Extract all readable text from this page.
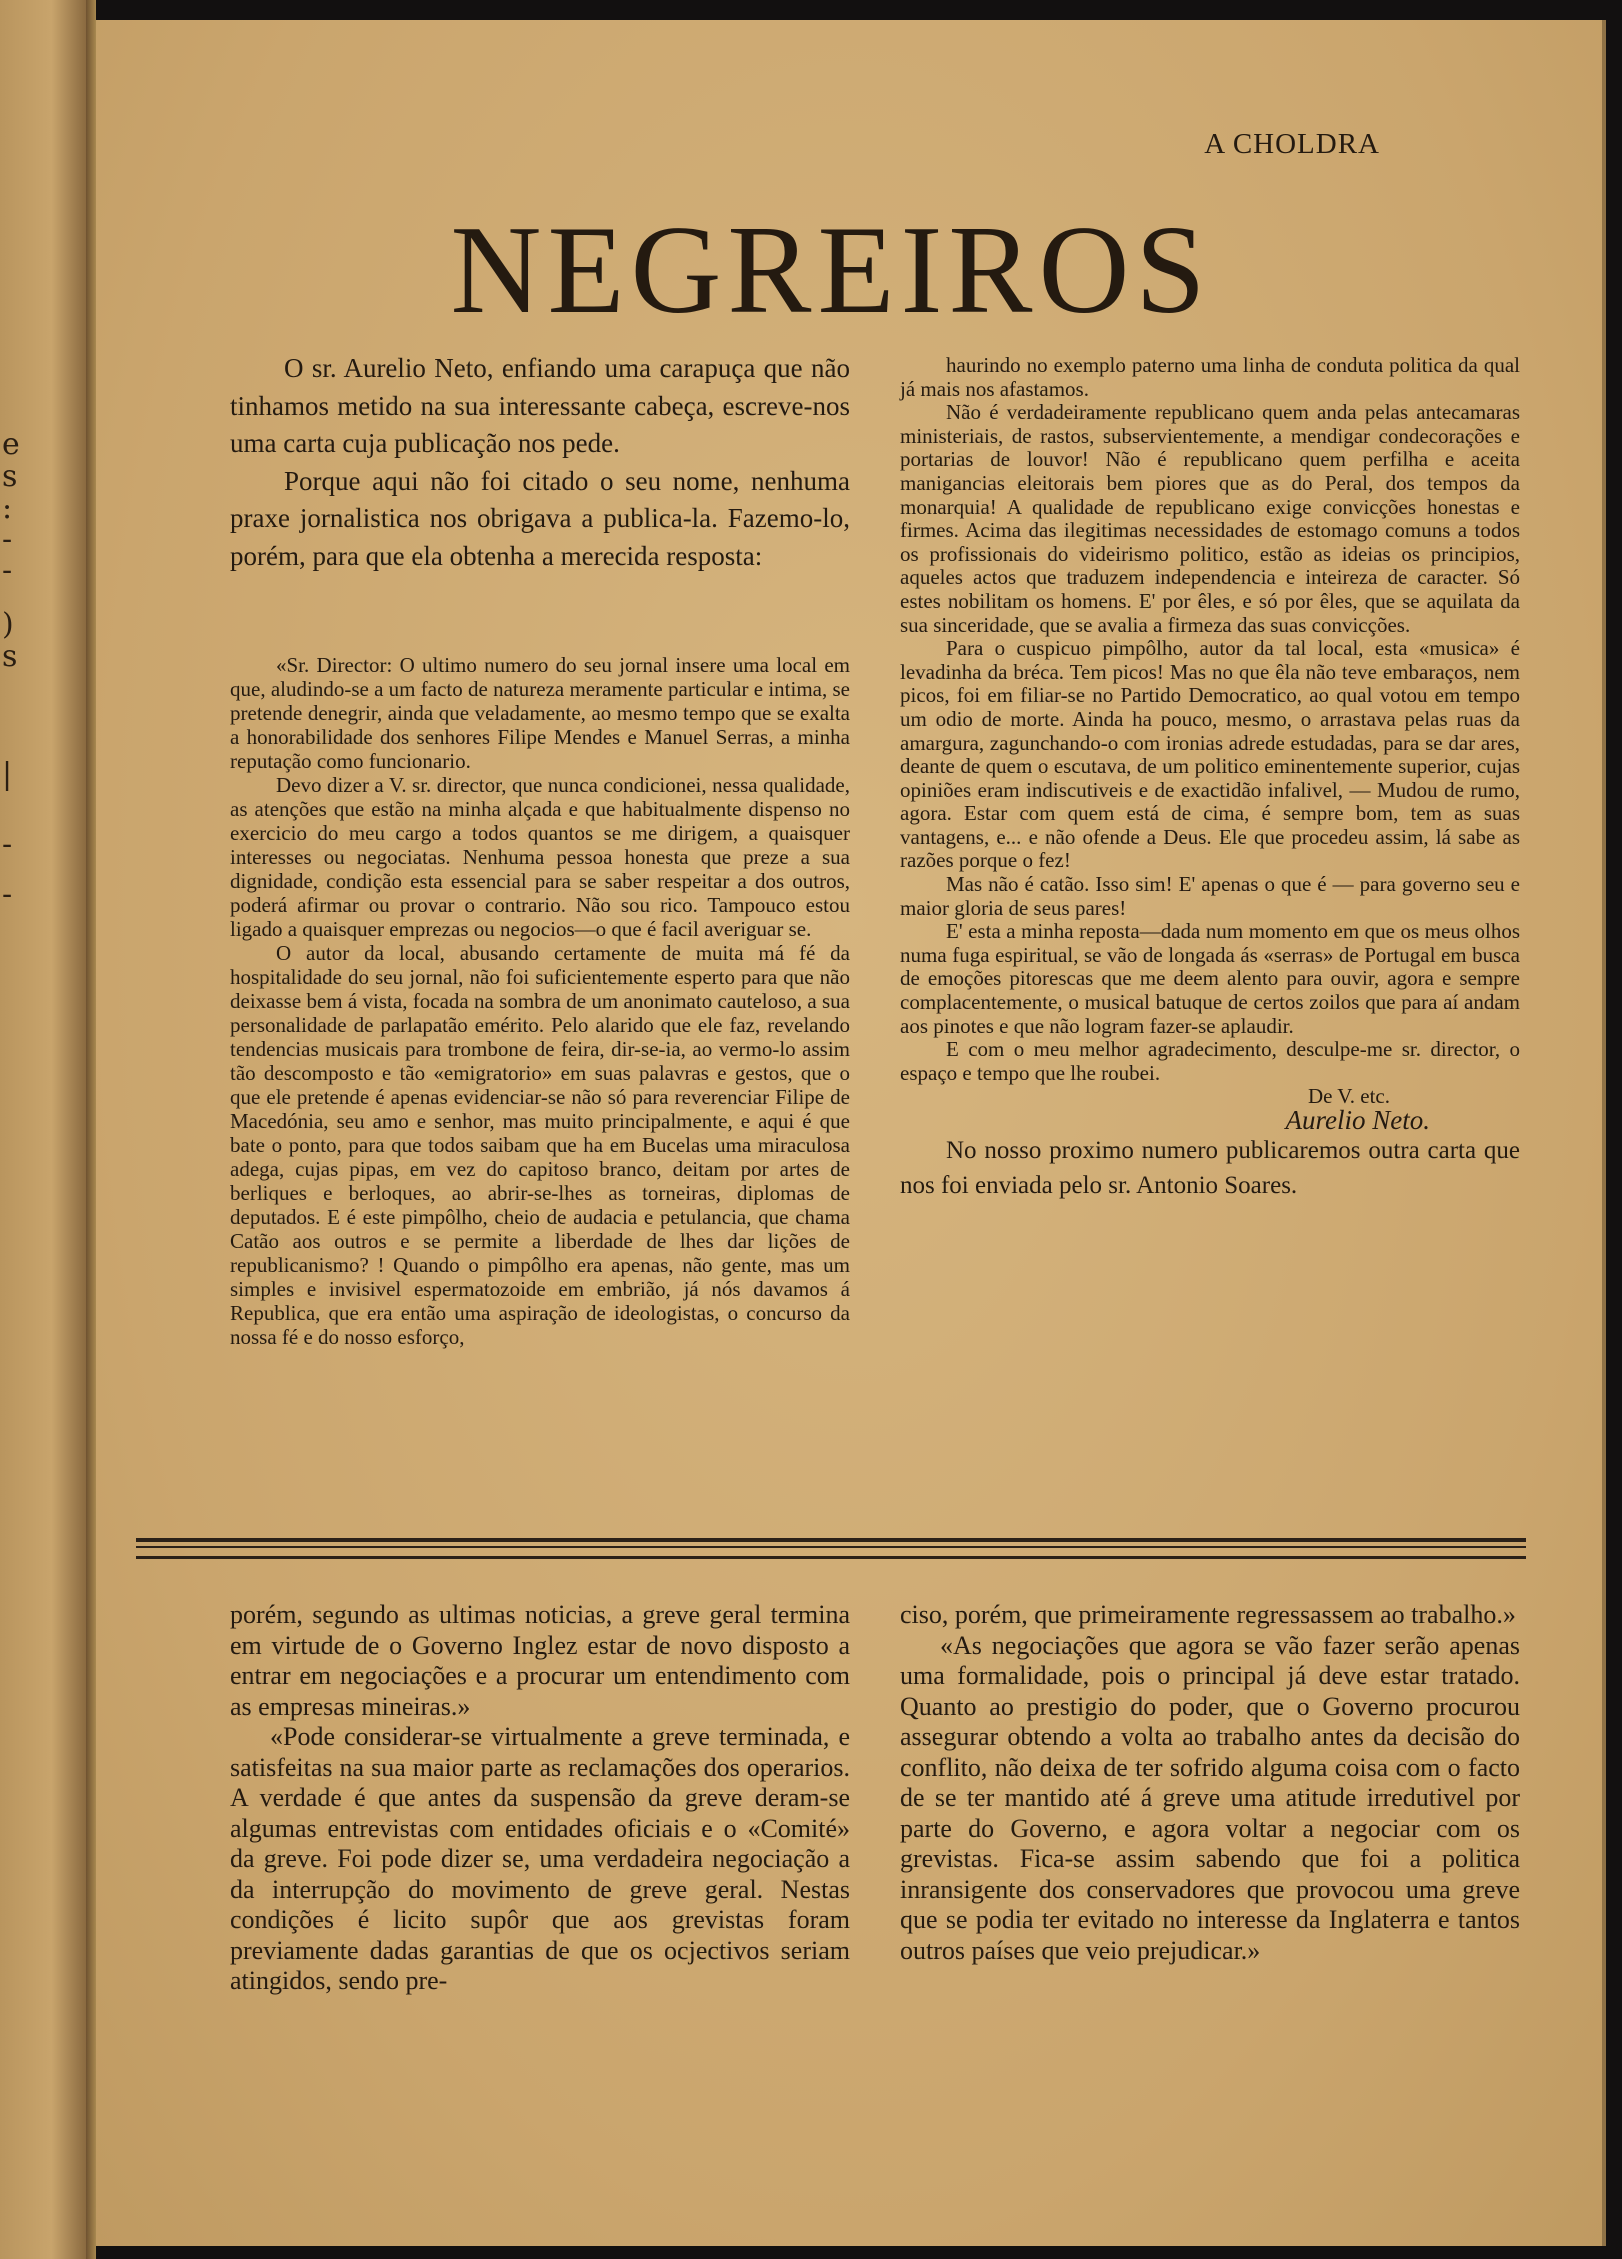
e
s
:
-
-
)
s
|
-
-
A CHOLDRA
NEGREIROS

O sr. Aurelio Neto, enfiando uma carapuça que não tinhamos metido na sua interessante cabeça, escreve-nos uma carta cuja publicação nos pede.

Porque aqui não foi citado o seu nome, nenhuma praxe jornalistica nos obrigava a publica-la. Fazemo-lo, porém, para que ela obtenha a merecida resposta:

«Sr. Director: O ultimo numero do seu jornal insere uma local em que, aludindo-se a um facto de natureza meramente particular e intima, se pretende denegrir, ainda que veladamente, ao mesmo tempo que se exalta a honorabilidade dos senhores Filipe Mendes e Manuel Serras, a minha reputação como funcionario.

Devo dizer a V. sr. director, que nunca condicionei, nessa qualidade, as atenções que estão na minha alçada e que habitualmente dispenso no exercicio do meu cargo a todos quantos se me dirigem, a quaisquer interesses ou negociatas. Nenhuma pessoa honesta que preze a sua dignidade, condição esta essencial para se saber respeitar a dos outros, poderá afirmar ou provar o contrario. Não sou rico. Tampouco estou ligado a quaisquer emprezas ou negocios—o que é facil averiguar se.

O autor da local, abusando certamente de muita má fé da hospitalidade do seu jornal, não foi suficientemente esperto para que não deixasse bem á vista, focada na sombra de um anonimato cauteloso, a sua personalidade de parlapatão emérito. Pelo alarido que ele faz, revelando tendencias musicais para trombone de feira, dir-se-ia, ao vermo-lo assim tão descomposto e tão «emigratorio» em suas palavras e gestos, que o que ele pretende é apenas evidenciar-se não só para reverenciar Filipe de Macedónia, seu amo e senhor, mas muito principalmente, e aqui é que bate o ponto, para que todos saibam que ha em Bucelas uma miraculosa adega, cujas pipas, em vez do capitoso branco, deitam por artes de berliques e berloques, ao abrir-se-lhes as torneiras, diplomas de deputados. E é este pimpôlho, cheio de audacia e petulancia, que chama Catão aos outros e se permite a liberdade de lhes dar lições de republicanismo? ! Quando o pimpôlho era apenas, não gente, mas um simples e invisivel espermatozoide em embrião, já nós davamos á Republica, que era então uma aspiração de ideologistas, o concurso da nossa fé e do nosso esforço,

haurindo no exemplo paterno uma linha de conduta politica da qual já mais nos afastamos.

Não é verdadeiramente republicano quem anda pelas antecamaras ministeriais, de rastos, subservientemente, a mendigar condecorações e portarias de louvor! Não é republicano quem perfilha e aceita manigancias eleitorais bem piores que as do Peral, dos tempos da monarquia! A qualidade de republicano exige convicções honestas e firmes. Acima das ilegitimas necessidades de estomago comuns a todos os profissionais do videirismo politico, estão as ideias os principios, aqueles actos que traduzem independencia e inteireza de caracter. Só estes nobilitam os homens. E' por êles, e só por êles, que se aquilata da sua sinceridade, que se avalia a firmeza das suas convicções.

Para o cuspicuo pimpôlho, autor da tal local, esta «musica» é levadinha da bréca. Tem picos! Mas no que êla não teve embaraços, nem picos, foi em filiar-se no Partido Democratico, ao qual votou em tempo um odio de morte. Ainda ha pouco, mesmo, o arrastava pelas ruas da amargura, zagunchando-o com ironias adrede estudadas, para se dar ares, deante de quem o escutava, de um politico eminentemente superior, cujas opiniões eram indiscutiveis e de exactidão infalivel, — Mudou de rumo, agora. Estar com quem está de cima, é sempre bom, tem as suas vantagens, e... e não ofende a Deus. Ele que procedeu assim, lá sabe as razões porque o fez!

Mas não é catão. Isso sim! E' apenas o que é — para governo seu e maior gloria de seus pares!

E' esta a minha reposta—dada num momento em que os meus olhos numa fuga espiritual, se vão de longada ás «serras» de Portugal em busca de emoções pitorescas que me deem alento para ouvir, agora e sempre complacentemente, o musical batuque de certos zoilos que para aí andam aos pinotes e que não logram fazer-se aplaudir.

E com o meu melhor agradecimento, desculpe-me sr. director, o espaço e tempo que lhe roubei.

De V. etc.

Aurelio Neto.

No nosso proximo numero publicaremos outra carta que nos foi enviada pelo sr. Antonio Soares.

porém, segundo as ultimas noticias, a greve geral termina em virtude de o Governo Inglez estar de novo disposto a entrar em negociações e a procurar um entendimento com as empresas mineiras.»

«Pode considerar-se virtualmente a greve terminada, e satisfeitas na sua maior parte as reclamações dos operarios. A verdade é que antes da suspensão da greve deram-se algumas entrevistas com entidades oficiais e o «Comité» da greve. Foi pode dizer se, uma verdadeira negociação a da interrupção do movimento de greve geral. Nestas condições é licito supôr que aos grevistas foram previamente dadas garantias de que os ocjectivos seriam atingidos, sendo pre-

ciso, porém, que primeiramente regressassem ao trabalho.»

«As negociações que agora se vão fazer serão apenas uma formalidade, pois o principal já deve estar tratado. Quanto ao prestigio do poder, que o Governo procurou assegurar obtendo a volta ao trabalho antes da decisão do conflito, não deixa de ter sofrido alguma coisa com o facto de se ter mantido até á greve uma atitude irredutivel por parte do Governo, e agora voltar a negociar com os grevistas. Fica-se assim sabendo que foi a politica inransigente dos conservadores que provocou uma greve que se podia ter evitado no interesse da Inglaterra e tantos outros países que veio prejudicar.»
